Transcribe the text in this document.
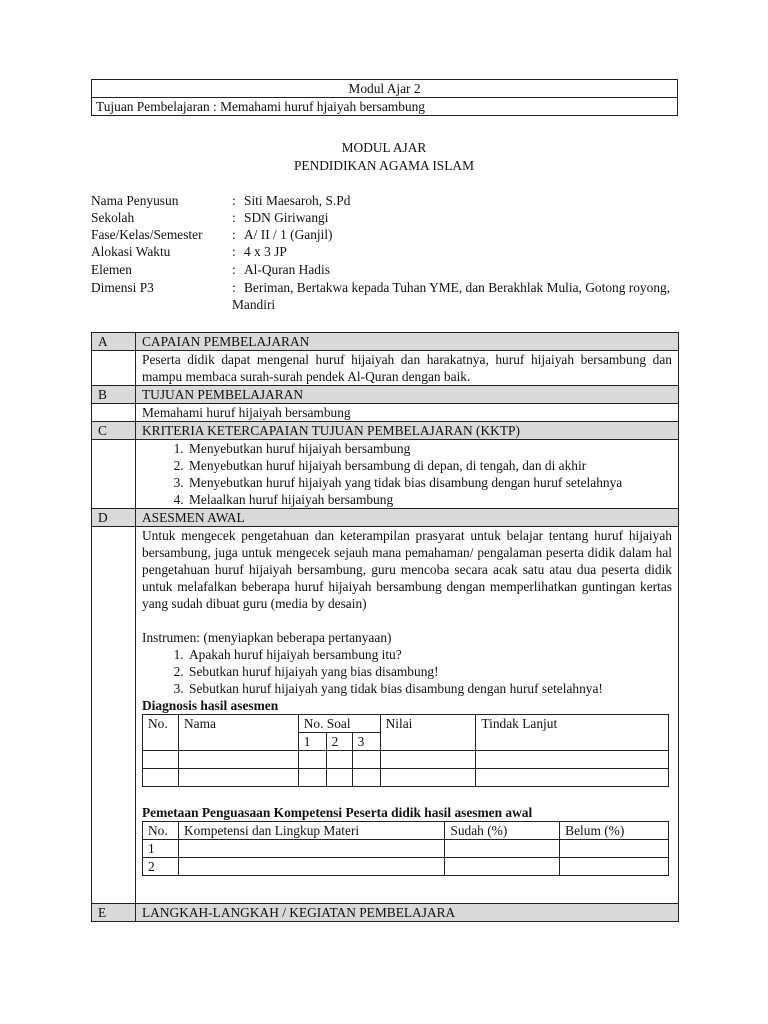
Modul Ajar 2
Tujuan Pembelajaran : Memahami huruf hjaiyah bersambung
MODUL AJAR
PENDIDIKAN AGAMA ISLAM
Nama Penyusun	: Siti Maesaroh, S.Pd
Sekolah	: SDN Giriwangi
Fase/Kelas/Semester : A/ II / 1 (Ganjil)
Alokasi Waktu	: 4 x 3 JP
Elemen	: Al-Quran Hadis
Dimensi P3	: Beriman, Bertakwa kepada Tuhan YME, dan Berakhlak Mulia, Gotong royong, Mandiri
A	CAPAIAN PEMBELAJARAN
	Peserta didik dapat mengenal huruf hijaiyah dan harakatnya, huruf hijaiyah bersambung dan mampu membaca surah-surah pendek Al-Quran dengan baik.
B	TUJUAN PEMBELAJARAN
	Memahami huruf hijaiyah bersambung
C	KRITERIA KETERCAPAIAN TUJUAN PEMBELAJARAN (KKTP)

1. Menyebutkan huruf hijaiyah bersambung
2. Menyebutkan huruf hijaiyah bersambung di depan, di tengah, dan di akhir
3. Menyebutkan huruf hijaiyah yang tidak bias disambung dengan huruf setelahnya
4. Melaalkan huruf hijaiyah bersambung

D	ASESMEN AWAL

Untuk mengecek pengetahuan dan keterampilan prasyarat untuk belajar tentang huruf hijaiyah bersambung, juga untuk mengecek sejauh mana pemahaman/ pengalaman peserta didik dalam hal pengetahuan huruf hijaiyah bersambung, guru mencoba secara acak satu atau dua peserta didik untuk melafalkan beberapa huruf hijaiyah bersambung dengan memperlihatkan guntingan kertas yang sudah dibuat guru (media by desain)
Instrumen: (menyiapkan beberapa pertanyaan)
1. Apakah huruf hijaiyah bersambung itu?
2. Sebutkan huruf hijaiyah yang bias disambung!
3. Sebutkan huruf hijaiyah yang tidak bias disambung dengan huruf setelahnya!
Diagnosis hasil asesmen
No.	Nama	No. Soal	Nilai	Tindak Lanjut
1	2	3

Pemetaan Penguasaan Kompetensi Peserta didik hasil asesmen awal
No.	Kompetensi dan Lingkup Materi	Sudah (%)	Belum (%)
1			
2			

E	LANGKAH-LANGKAH / KEGIATAN PEMBELAJARA
